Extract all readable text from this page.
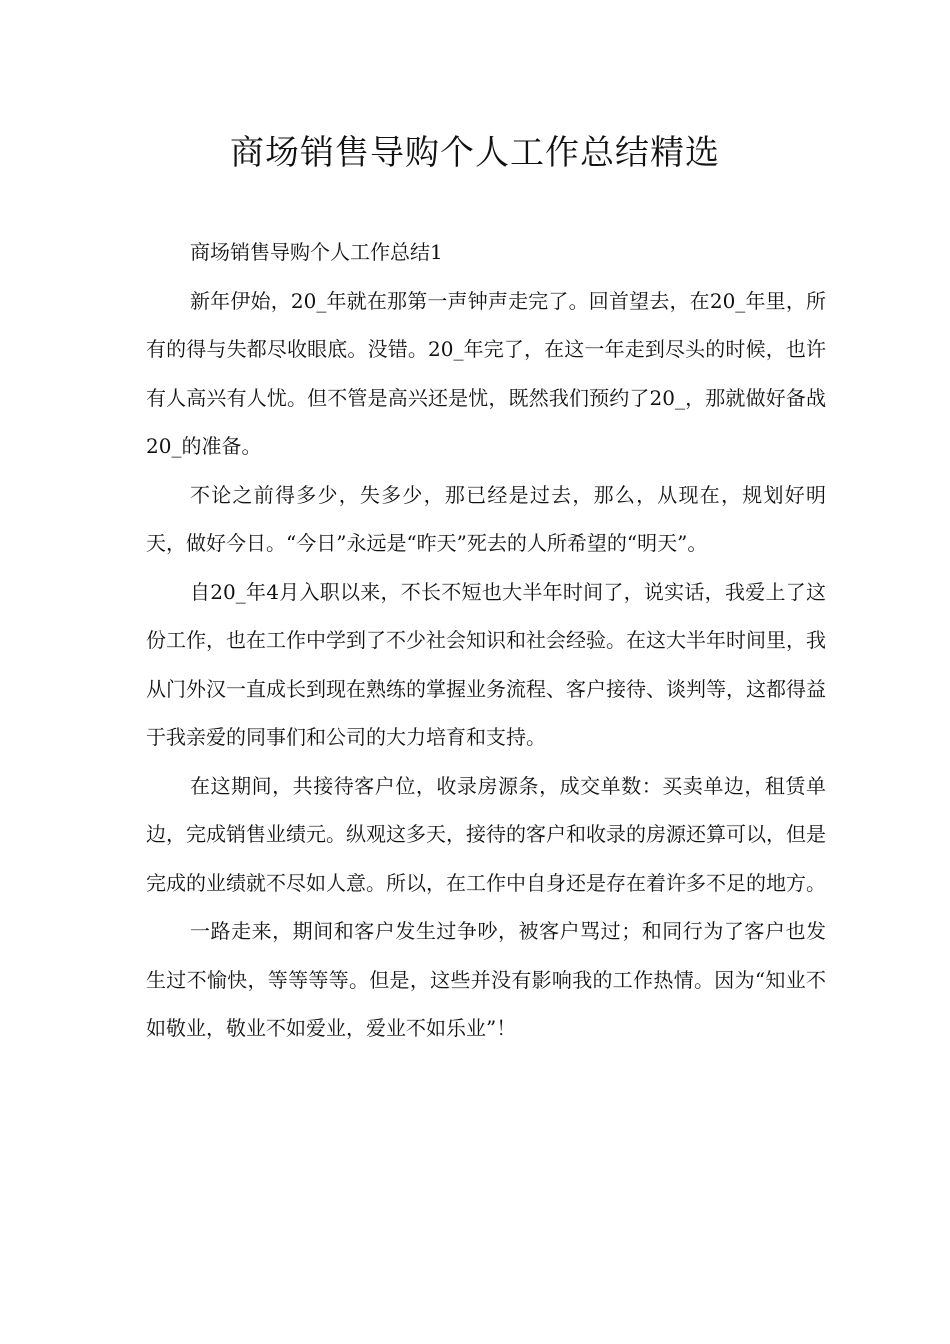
商场销售导购个人工作总结精选

商场销售导购个人工作总结1

新年伊始，20_年就在那第一声钟声走完了。回首望去，在20_年里，所有的得与失都尽收眼底。没错。20_年完了，在这一年走到尽头的时候，也许有人高兴有人忧。但不管是高兴还是忧，既然我们预约了20_，那就做好备战20_的准备。

不论之前得多少，失多少，那已经是过去，那么，从现在，规划好明天，做好今日。“今日”永远是“昨天”死去的人所希望的“明天”。

自20_年4月入职以来，不长不短也大半年时间了，说实话，我爱上了这份工作，也在工作中学到了不少社会知识和社会经验。在这大半年时间里，我从门外汉一直成长到现在熟练的掌握业务流程、客户接待、谈判等，这都得益于我亲爱的同事们和公司的大力培育和支持。

在这期间，共接待客户位，收录房源条，成交单数：买卖单边，租赁单边，完成销售业绩元。纵观这多天，接待的客户和收录的房源还算可以，但是完成的业绩就不尽如人意。所以，在工作中自身还是存在着许多不足的地方。

一路走来，期间和客户发生过争吵，被客户骂过；和同行为了客户也发生过不愉快，等等等等。但是，这些并没有影响我的工作热情。因为“知业不如敬业，敬业不如爱业，爱业不如乐业”！
